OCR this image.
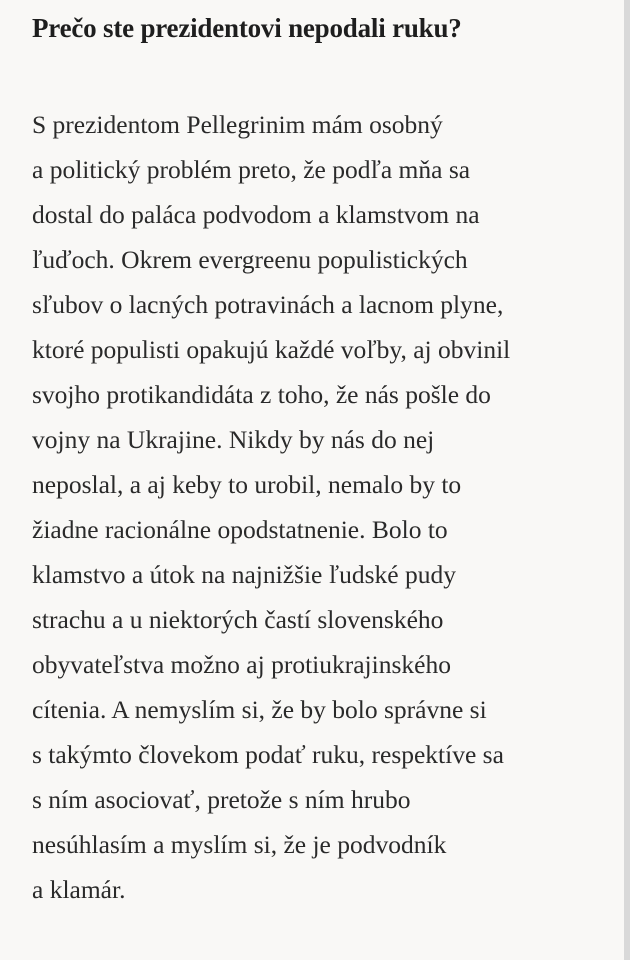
Prečo ste prezidentovi nepodali ruku?
S prezidentom Pellegrinim mám osobný
a politický problém preto, že podľa mňa sa
dostal do paláca podvodom a klamstvom na
ľuďoch. Okrem evergreenu populistických
sľubov o lacných potravinách a lacnom plyne,
ktoré populisti opakujú každé voľby, aj obvinil
svojho protikandidáta z toho, že nás pošle do
vojny na Ukrajine. Nikdy by nás do nej
neposlal, a aj keby to urobil, nemalo by to
žiadne racionálne opodstatnenie. Bolo to
klamstvo a útok na najnižšie ľudské pudy
strachu a u niektorých častí slovenského
obyvateľstva možno aj protiukrajinského
cítenia. A nemyslím si, že by bolo správne si
s takýmto človekom podať ruku, respektíve sa
s ním asociovať, pretože s ním hrubo
nesúhlasím a myslím si, že je podvodník
a klamár.
